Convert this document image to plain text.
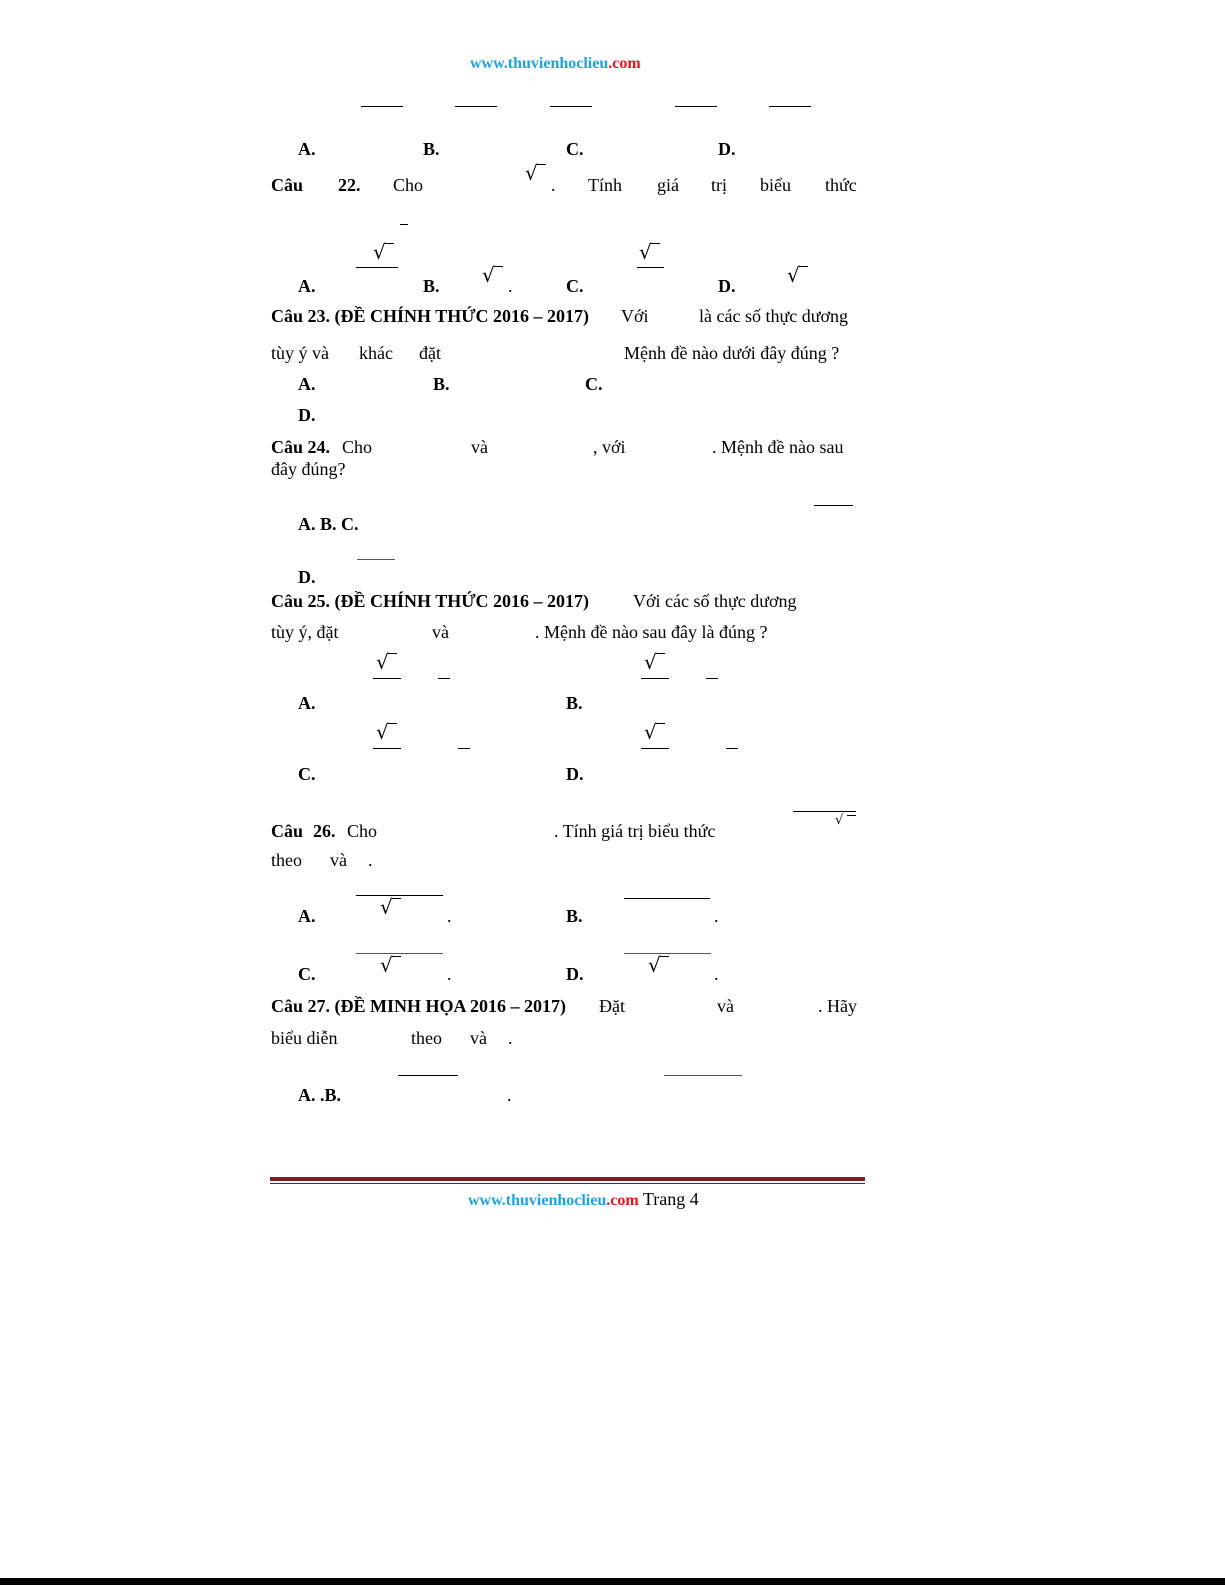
www.thuvienhoclieu.com
A.	B.	C.	D.
Câu 22. Cho	√ . Tính giá trị biểu thức
√	√
A.	B. √ .	C.	D.	√
Câu 23. (ĐỀ CHÍNH THỨC 2016 – 2017) Với	là các số thực dương
tùy ý và khác đặt	Mệnh đề nào dưới đây đúng ?
A.	B.	C.
D.
Câu 24. Cho	và	, với	. Mệnh đề nào sau
đây đúng?
A. B. C.
D.
Câu 25. (ĐỀ CHÍNH THỨC 2016 – 2017) Với các số thực dương
tùy ý, đặt	và	. Mệnh đề nào sau đây là đúng ?
√	√
A.	B.
√	√
C.	D.
√
Câu 26. Cho	. Tính giá trị biểu thức
theo và .
√
A.	.	B.	.
√	√
C.	.	D.	.
Câu 27. (ĐỀ MINH HỌA 2016 – 2017) Đặt	và	. Hãy
biểu diễn	theo và .
A. .B.	.
www.thuvienhoclieu.com Trang 4
